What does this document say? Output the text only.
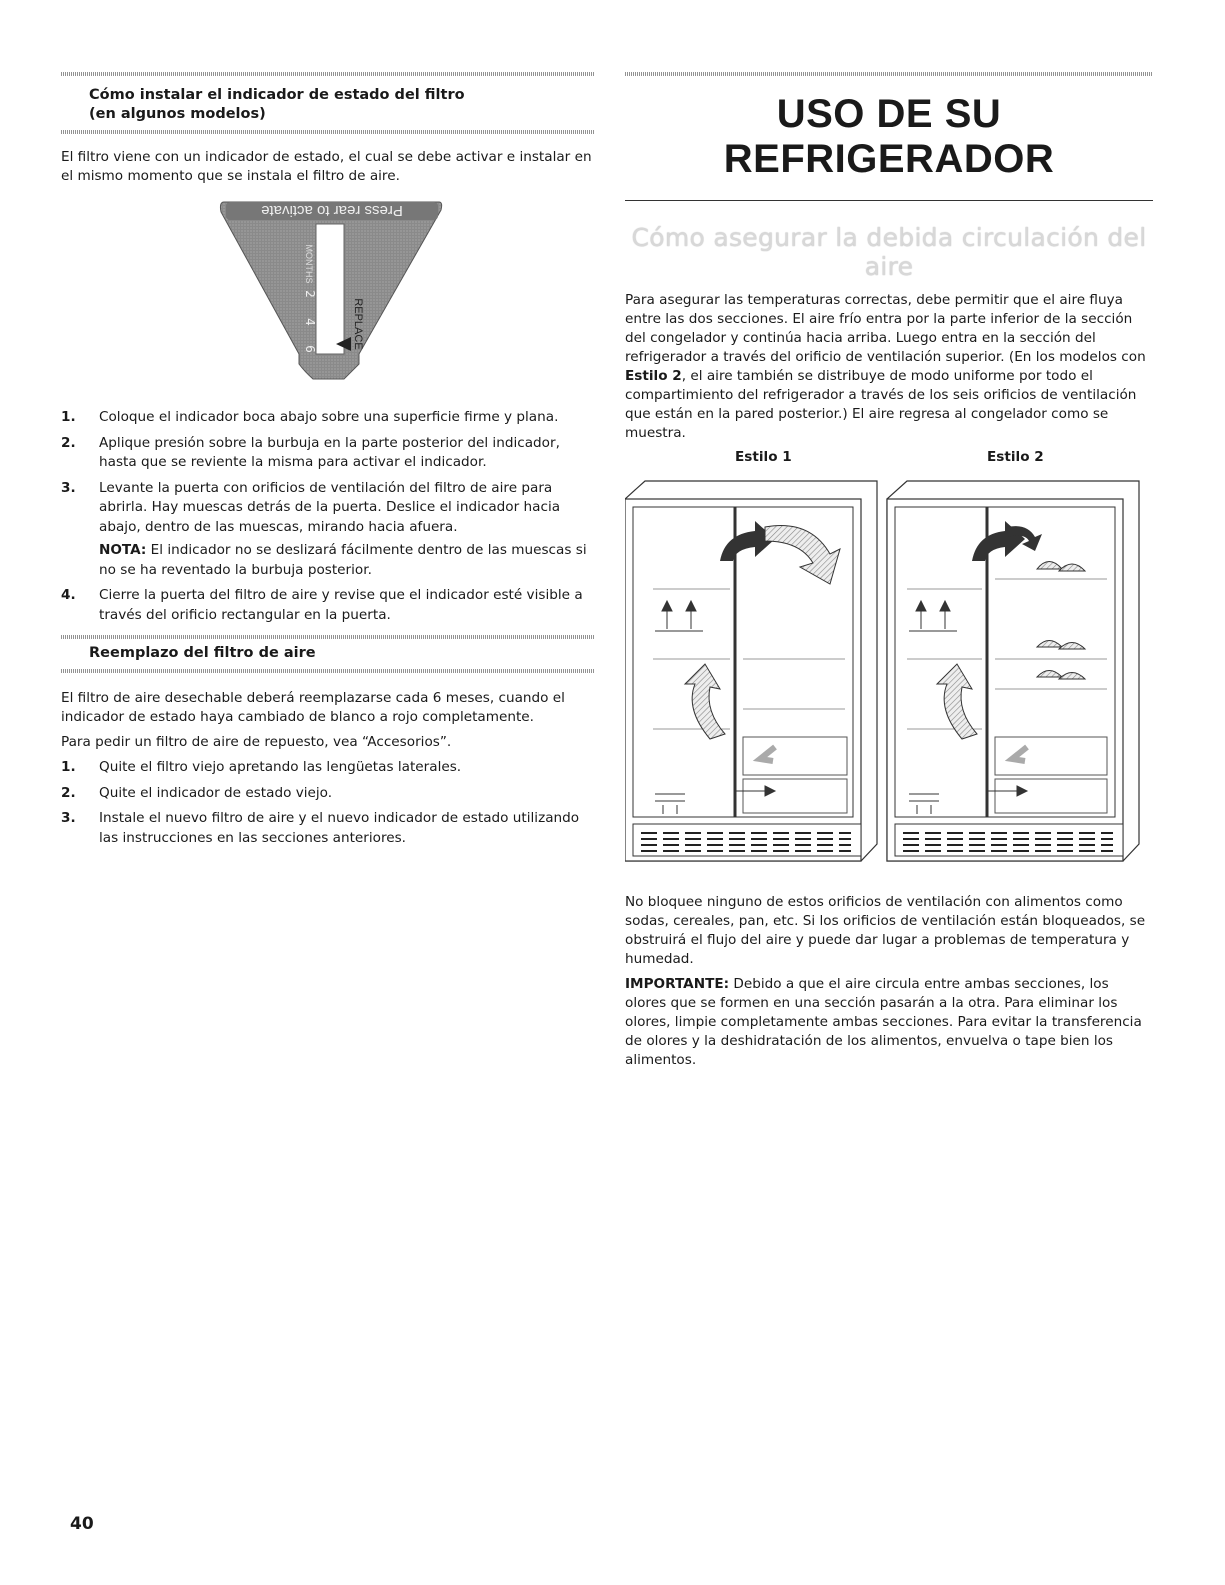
Cómo instalar el indicador de estado del filtro
(en algunos modelos)

El filtro viene con un indicador de estado, el cual se debe activar e instalar en el mismo momento que se instala el filtro de aire.

Press rear to activate
MONTHS
2
4
6	REPLACE
1. Coloque el indicador boca abajo sobre una superficie firme y plana.
2. Aplique presión sobre la burbuja en la parte posterior del indicador, hasta que se reviente la misma para activar el indicador.
3. Levante la puerta con orificios de ventilación del filtro de aire para abrirla. Hay muescas detrás de la puerta. Deslice el indicador hacia abajo, dentro de las muescas, mirando hacia afuera.
NOTA: El indicador no se deslizará fácilmente dentro de las muescas si no se ha reventado la burbuja posterior.
4. Cierre la puerta del filtro de aire y revise que el indicador esté visible a través del orificio rectangular en la puerta.
Reemplazo del filtro de aire

El filtro de aire desechable deberá reemplazarse cada 6 meses, cuando el indicador de estado haya cambiado de blanco a rojo completamente.

Para pedir un filtro de aire de repuesto, vea “Accesorios”.

1. Quite el filtro viejo apretando las lengüetas laterales.
2. Quite el indicador de estado viejo.
3. Instale el nuevo filtro de aire y el nuevo indicador de estado utilizando las instrucciones en las secciones anteriores.
USO DE SU REFRIGERADOR
Cómo asegurar la debida circulación del aire

Para asegurar las temperaturas correctas, debe permitir que el aire fluya entre las dos secciones. El aire frío entra por la parte inferior de la sección del congelador y continúa hacia arriba. Luego entra en la sección del refrigerador a través del orificio de ventilación superior. (En los modelos con Estilo 2, el aire también se distribuye de modo uniforme por todo el compartimiento del refrigerador a través de los seis orificios de ventilación que están en la pared posterior.) El aire regresa al congelador como se muestra.

Estilo 1	Estilo 2

No bloquee ninguno de estos orificios de ventilación con alimentos como sodas, cereales, pan, etc. Si los orificios de ventilación están bloqueados, se obstruirá el flujo del aire y puede dar lugar a problemas de temperatura y humedad.

IMPORTANTE: Debido a que el aire circula entre ambas secciones, los olores que se formen en una sección pasarán a la otra. Para eliminar los olores, limpie completamente ambas secciones. Para evitar la transferencia de olores y la deshidratación de los alimentos, envuelva o tape bien los alimentos.

40
